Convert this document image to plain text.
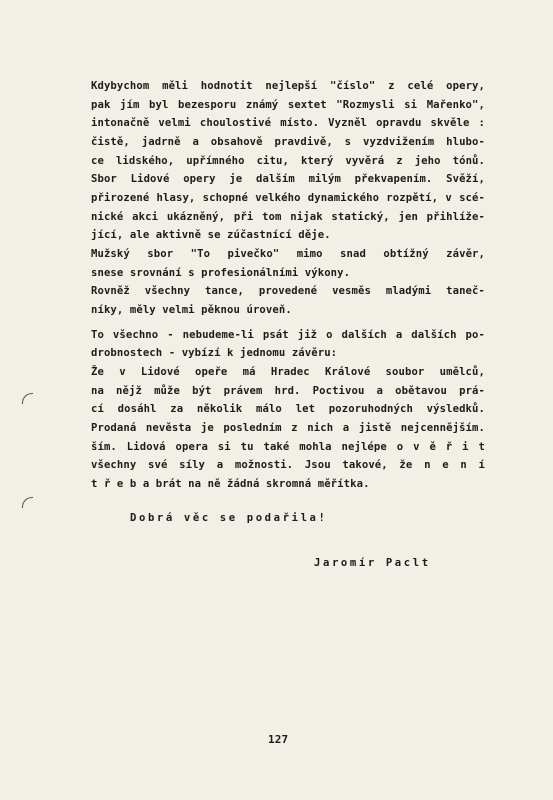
Kdybychom měli hodnotit nejlepší "číslo" z celé opery,
pak jím byl bezesporu známý sextet "Rozmysli si Mařenko",
intonačně velmi choulostivé místo. Vyzněl opravdu skvěle :
čistě, jadrně a obsahově pravdivě, s vyzdvižením hlubo-
ce lidského, upřímného citu, který vyvěrá z jeho tónů.
Sbor Lidové opery je dalším milým překvapením. Svěží,
přirozené hlasy, schopné velkého dynamického rozpětí, v scé-
nické akci ukázněný, při tom nijak statický, jen přihlíže-
jící, ale aktivně se zúčastnící děje.
Mužský sbor "To pivečko" mimo snad obtížný závěr,
snese srovnání s profesionálními výkony.
Rovněž všechny tance, provedené vesměs mladými taneč-
níky, měly velmi pěknou úroveň.
To všechno - nebudeme-li psát již o dalších a dalších po-
drobnostech - vybízí k jednomu závěru:
Že v Lidové opeře má Hradec Králové soubor umělců,
na nějž může být právem hrd. Poctivou a obětavou prá-
cí dosáhl za několik málo let pozoruhodných výsledků.
Prodaná nevěsta je posledním z nich a jistě nejcennějším.
ším. Lidová opera si tu také mohla nejlépe o v ě ř i t
všechny své síly a možnosti. Jsou takové, že n e n í
t ř e b a brát na ně žádná skromná měřítka.
Dobrá věc se podařila!
Jaromír Paclt
127
